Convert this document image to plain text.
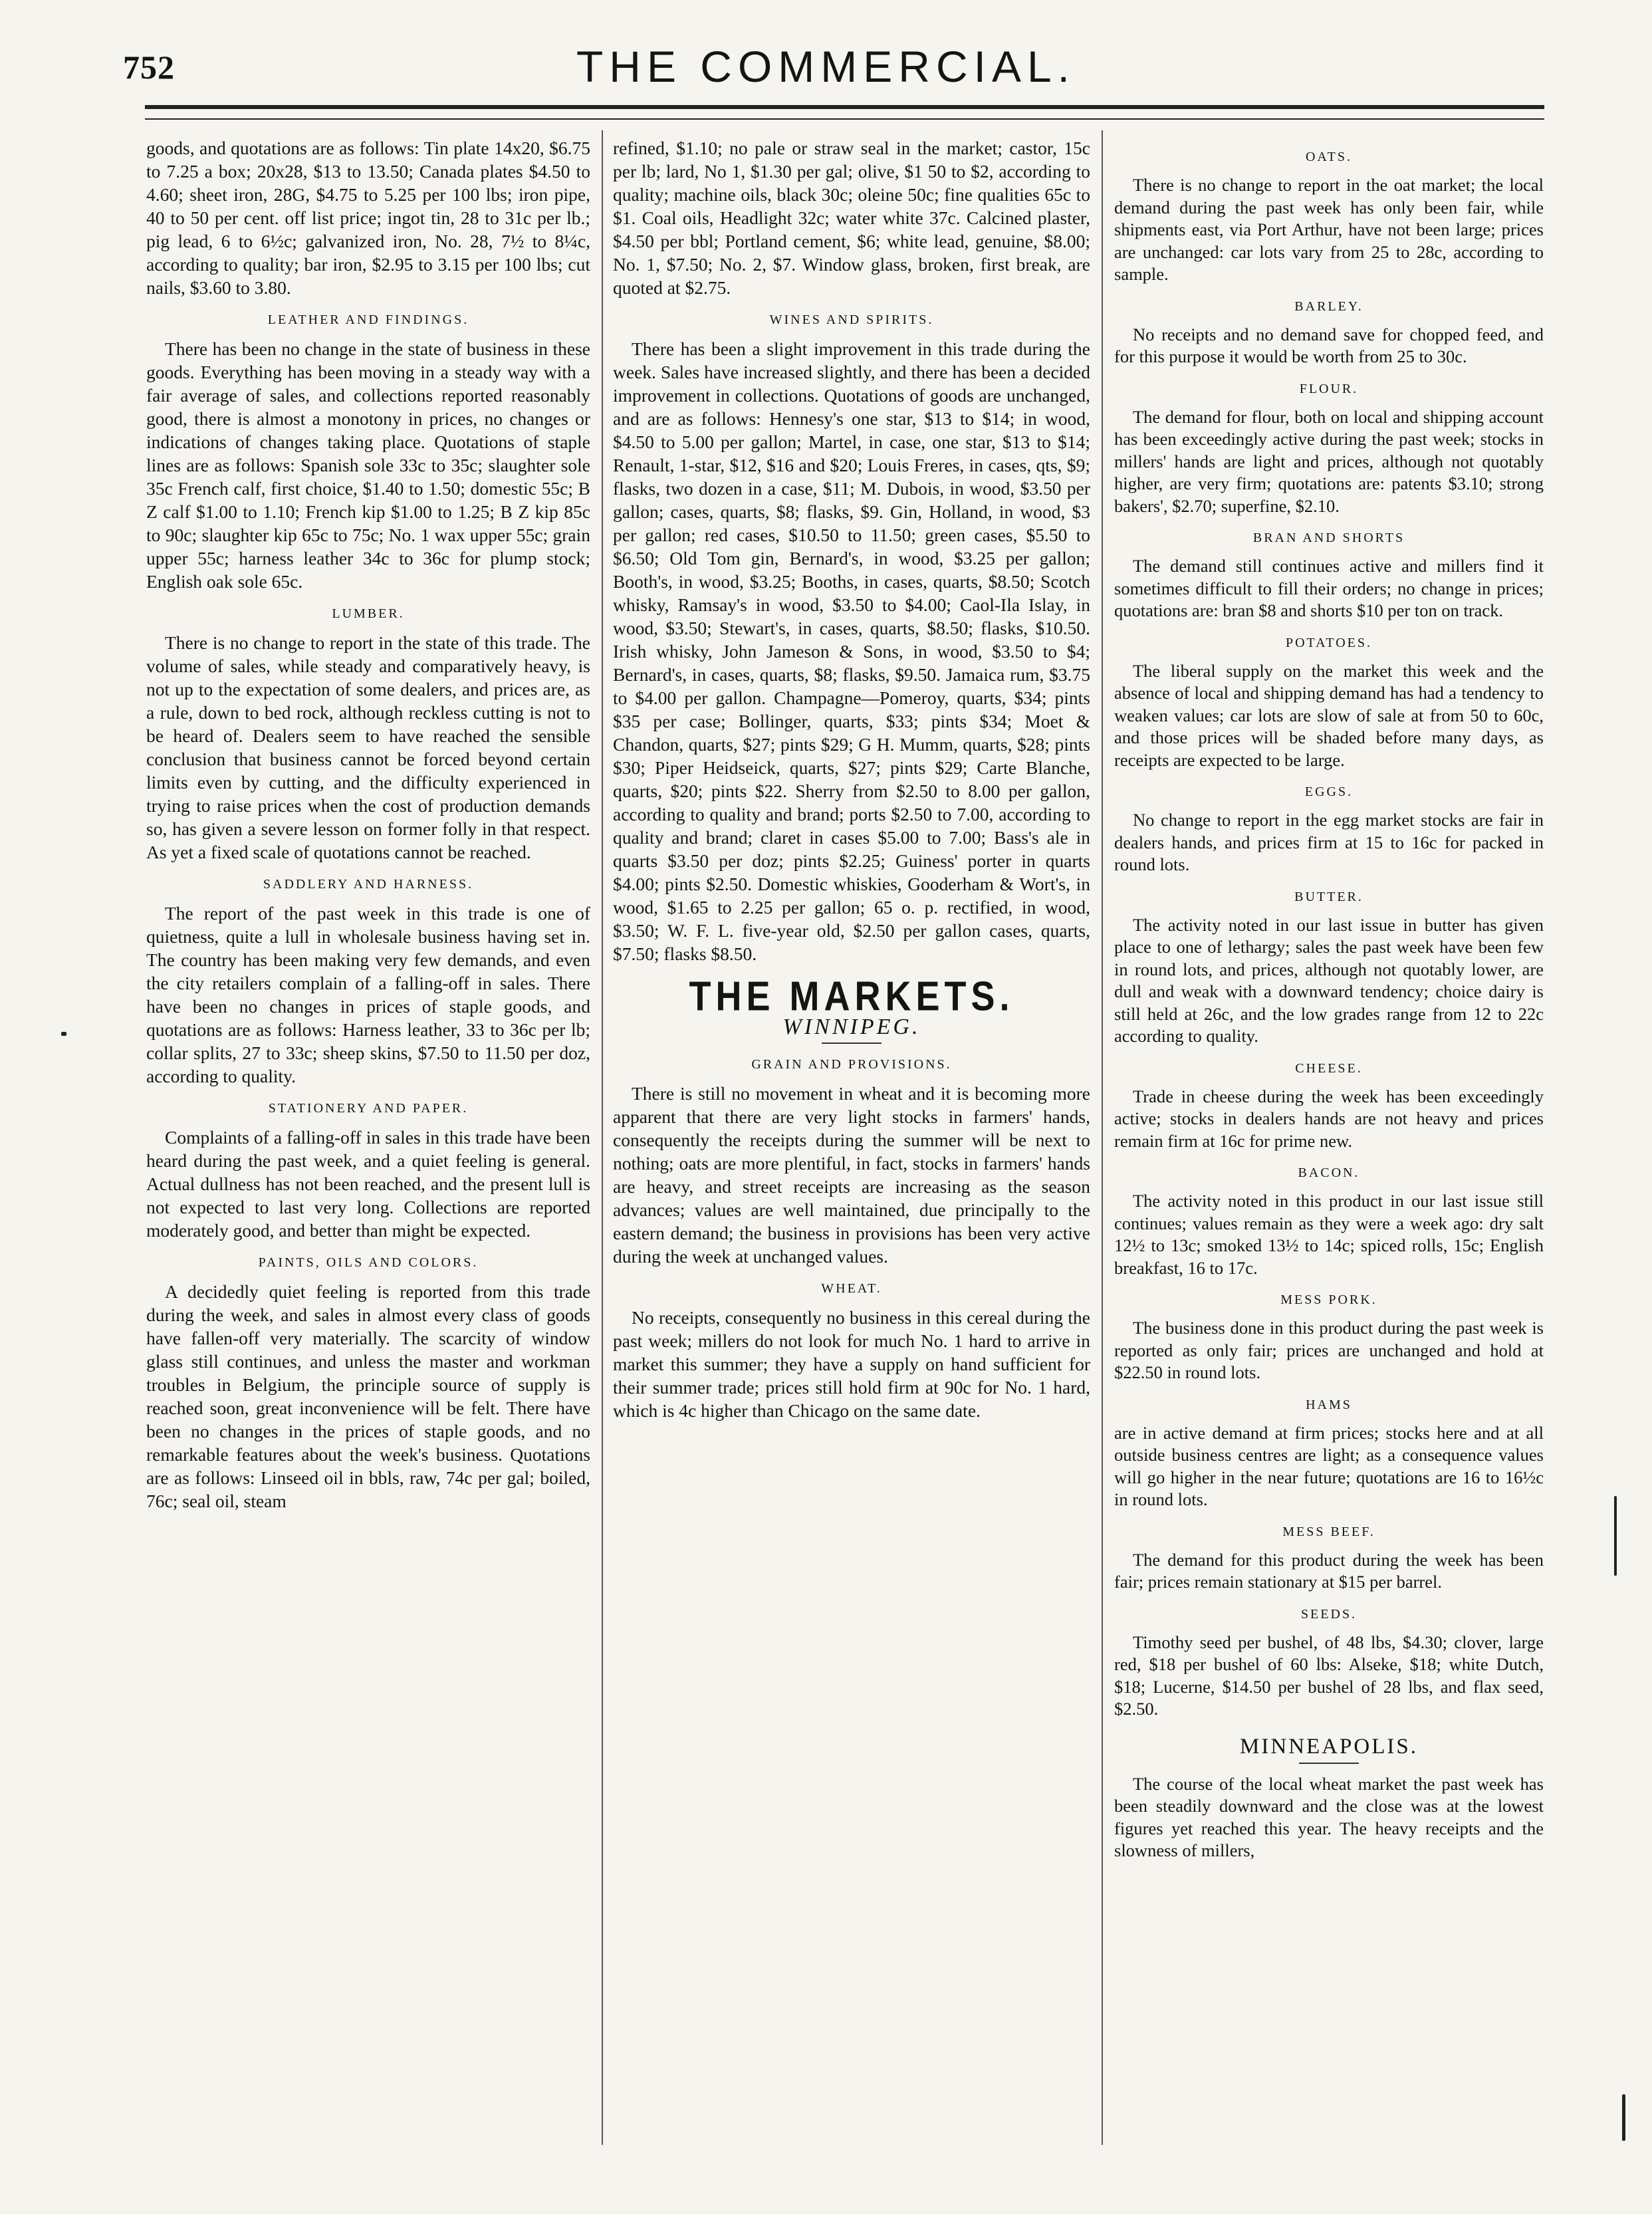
752	THE COMMERCIAL.

goods, and quotations are as follows: Tin plate 14x20, $6.75 to 7.25 a box; 20x28, $13 to 13.50; Canada plates $4.50 to 4.60; sheet iron, 28G, $4.75 to 5.25 per 100 lbs; iron pipe, 40 to 50 per cent. off list price; ingot tin, 28 to 31c per lb.; pig lead, 6 to 6½c; galvanized iron, No. 28, 7½ to 8¼c, according to quality; bar iron, $2.95 to 3.15 per 100 lbs; cut nails, $3.60 to 3.80.

LEATHER AND FINDINGS.

There has been no change in the state of business in these goods. Everything has been moving in a steady way with a fair average of sales, and collections reported reasonably good, there is almost a monotony in prices, no changes or indications of changes taking place. Quotations of staple lines are as follows: Spanish sole 33c to 35c; slaughter sole 35c French calf, first choice, $1.40 to 1.50; domestic 55c; B Z calf $1.00 to 1.10; French kip $1.00 to 1.25; B Z kip 85c to 90c; slaughter kip 65c to 75c; No. 1 wax upper 55c; grain upper 55c; harness leather 34c to 36c for plump stock; English oak sole 65c.

LUMBER.

There is no change to report in the state of this trade. The volume of sales, while steady and comparatively heavy, is not up to the expectation of some dealers, and prices are, as a rule, down to bed rock, although reckless cutting is not to be heard of. Dealers seem to have reached the sensible conclusion that business cannot be forced beyond certain limits even by cutting, and the difficulty experienced in trying to raise prices when the cost of production demands so, has given a severe lesson on former folly in that respect. As yet a fixed scale of quotations cannot be reached.

SADDLERY AND HARNESS.

The report of the past week in this trade is one of quietness, quite a lull in wholesale business having set in. The country has been making very few demands, and even the city retailers complain of a falling-off in sales. There have been no changes in prices of staple goods, and quotations are as follows: Harness leather, 33 to 36c per lb; collar splits, 27 to 33c; sheep skins, $7.50 to 11.50 per doz, according to quality.

STATIONERY AND PAPER.

Complaints of a falling-off in sales in this trade have been heard during the past week, and a quiet feeling is general. Actual dullness has not been reached, and the present lull is not expected to last very long. Collections are reported moderately good, and better than might be expected.

PAINTS, OILS AND COLORS.

A decidedly quiet feeling is reported from this trade during the week, and sales in almost every class of goods have fallen-off very materially. The scarcity of window glass still continues, and unless the master and workman troubles in Belgium, the principle source of supply is reached soon, great inconvenience will be felt. There have been no changes in the prices of staple goods, and no remarkable features about the week's business. Quotations are as follows: Linseed oil in bbls, raw, 74c per gal; boiled, 76c; seal oil, steam

refined, $1.10; no pale or straw seal in the market; castor, 15c per lb; lard, No 1, $1.30 per gal; olive, $1 50 to $2, according to quality; machine oils, black 30c; oleine 50c; fine qualities 65c to $1. Coal oils, Headlight 32c; water white 37c. Calcined plaster, $4.50 per bbl; Portland cement, $6; white lead, genuine, $8.00; No. 1, $7.50; No. 2, $7. Window glass, broken, first break, are quoted at $2.75.

WINES AND SPIRITS.

There has been a slight improvement in this trade during the week. Sales have increased slightly, and there has been a decided improvement in collections. Quotations of goods are unchanged, and are as follows: Hennesy's one star, $13 to $14; in wood, $4.50 to 5.00 per gallon; Martel, in case, one star, $13 to $14; Renault, 1-star, $12, $16 and $20; Louis Freres, in cases, qts, $9; flasks, two dozen in a case, $11; M. Dubois, in wood, $3.50 per gallon; cases, quarts, $8; flasks, $9. Gin, Holland, in wood, $3 per gallon; red cases, $10.50 to 11.50; green cases, $5.50 to $6.50; Old Tom gin, Bernard's, in wood, $3.25 per gallon; Booth's, in wood, $3.25; Booths, in cases, quarts, $8.50; Scotch whisky, Ramsay's in wood, $3.50 to $4.00; Caol-Ila Islay, in wood, $3.50; Stewart's, in cases, quarts, $8.50; flasks, $10.50. Irish whisky, John Jameson & Sons, in wood, $3.50 to $4; Bernard's, in cases, quarts, $8; flasks, $9.50. Jamaica rum, $3.75 to $4.00 per gallon. Champagne—Pomeroy, quarts, $34; pints $35 per case; Bollinger, quarts, $33; pints $34; Moet & Chandon, quarts, $27; pints $29; G H. Mumm, quarts, $28; pints $30; Piper Heidseick, quarts, $27; pints $29; Carte Blanche, quarts, $20; pints $22. Sherry from $2.50 to 8.00 per gallon, according to quality and brand; ports $2.50 to 7.00, according to quality and brand; claret in cases $5.00 to 7.00; Bass's ale in quarts $3.50 per doz; pints $2.25; Guiness' porter in quarts $4.00; pints $2.50. Domestic whiskies, Gooderham & Wort's, in wood, $1.65 to 2.25 per gallon; 65 o. p. rectified, in wood, $3.50; W. F. L. five-year old, $2.50 per gallon cases, quarts, $7.50; flasks $8.50.

THE MARKETS.
WINNIPEG.
GRAIN AND PROVISIONS.

There is still no movement in wheat and it is becoming more apparent that there are very light stocks in farmers' hands, consequently the receipts during the summer will be next to nothing; oats are more plentiful, in fact, stocks in farmers' hands are heavy, and street receipts are increasing as the season advances; values are well maintained, due principally to the eastern demand; the business in provisions has been very active during the week at unchanged values.

WHEAT.

No receipts, consequently no business in this cereal during the past week; millers do not look for much No. 1 hard to arrive in market this summer; they have a supply on hand sufficient for their summer trade; prices still hold firm at 90c for No. 1 hard, which is 4c higher than Chicago on the same date.

OATS.

There is no change to report in the oat market; the local demand during the past week has only been fair, while shipments east, via Port Arthur, have not been large; prices are unchanged: car lots vary from 25 to 28c, according to sample.

BARLEY.

No receipts and no demand save for chopped feed, and for this purpose it would be worth from 25 to 30c.

FLOUR.

The demand for flour, both on local and shipping account has been exceedingly active during the past week; stocks in millers' hands are light and prices, although not quotably higher, are very firm; quotations are: patents $3.10; strong bakers', $2.70; superfine, $2.10.

BRAN AND SHORTS

The demand still continues active and millers find it sometimes difficult to fill their orders; no change in prices; quotations are: bran $8 and shorts $10 per ton on track.

POTATOES.

The liberal supply on the market this week and the absence of local and shipping demand has had a tendency to weaken values; car lots are slow of sale at from 50 to 60c, and those prices will be shaded before many days, as receipts are expected to be large.

EGGS.

No change to report in the egg market stocks are fair in dealers hands, and prices firm at 15 to 16c for packed in round lots.

BUTTER.

The activity noted in our last issue in butter has given place to one of lethargy; sales the past week have been few in round lots, and prices, although not quotably lower, are dull and weak with a downward tendency; choice dairy is still held at 26c, and the low grades range from 12 to 22c according to quality.

CHEESE.

Trade in cheese during the week has been exceedingly active; stocks in dealers hands are not heavy and prices remain firm at 16c for prime new.

BACON.

The activity noted in this product in our last issue still continues; values remain as they were a week ago: dry salt 12½ to 13c; smoked 13½ to 14c; spiced rolls, 15c; English breakfast, 16 to 17c.

MESS PORK.

The business done in this product during the past week is reported as only fair; prices are unchanged and hold at $22.50 in round lots.

HAMS

are in active demand at firm prices; stocks here and at all outside business centres are light; as a consequence values will go higher in the near future; quotations are 16 to 16½c in round lots.

MESS BEEF.

The demand for this product during the week has been fair; prices remain stationary at $15 per barrel.

SEEDS.

Timothy seed per bushel, of 48 lbs, $4.30; clover, large red, $18 per bushel of 60 lbs: Alseke, $18; white Dutch, $18; Lucerne, $14.50 per bushel of 28 lbs, and flax seed, $2.50.

MINNEAPOLIS.

The course of the local wheat market the past week has been steadily downward and the close was at the lowest figures yet reached this year. The heavy receipts and the slowness of millers,
